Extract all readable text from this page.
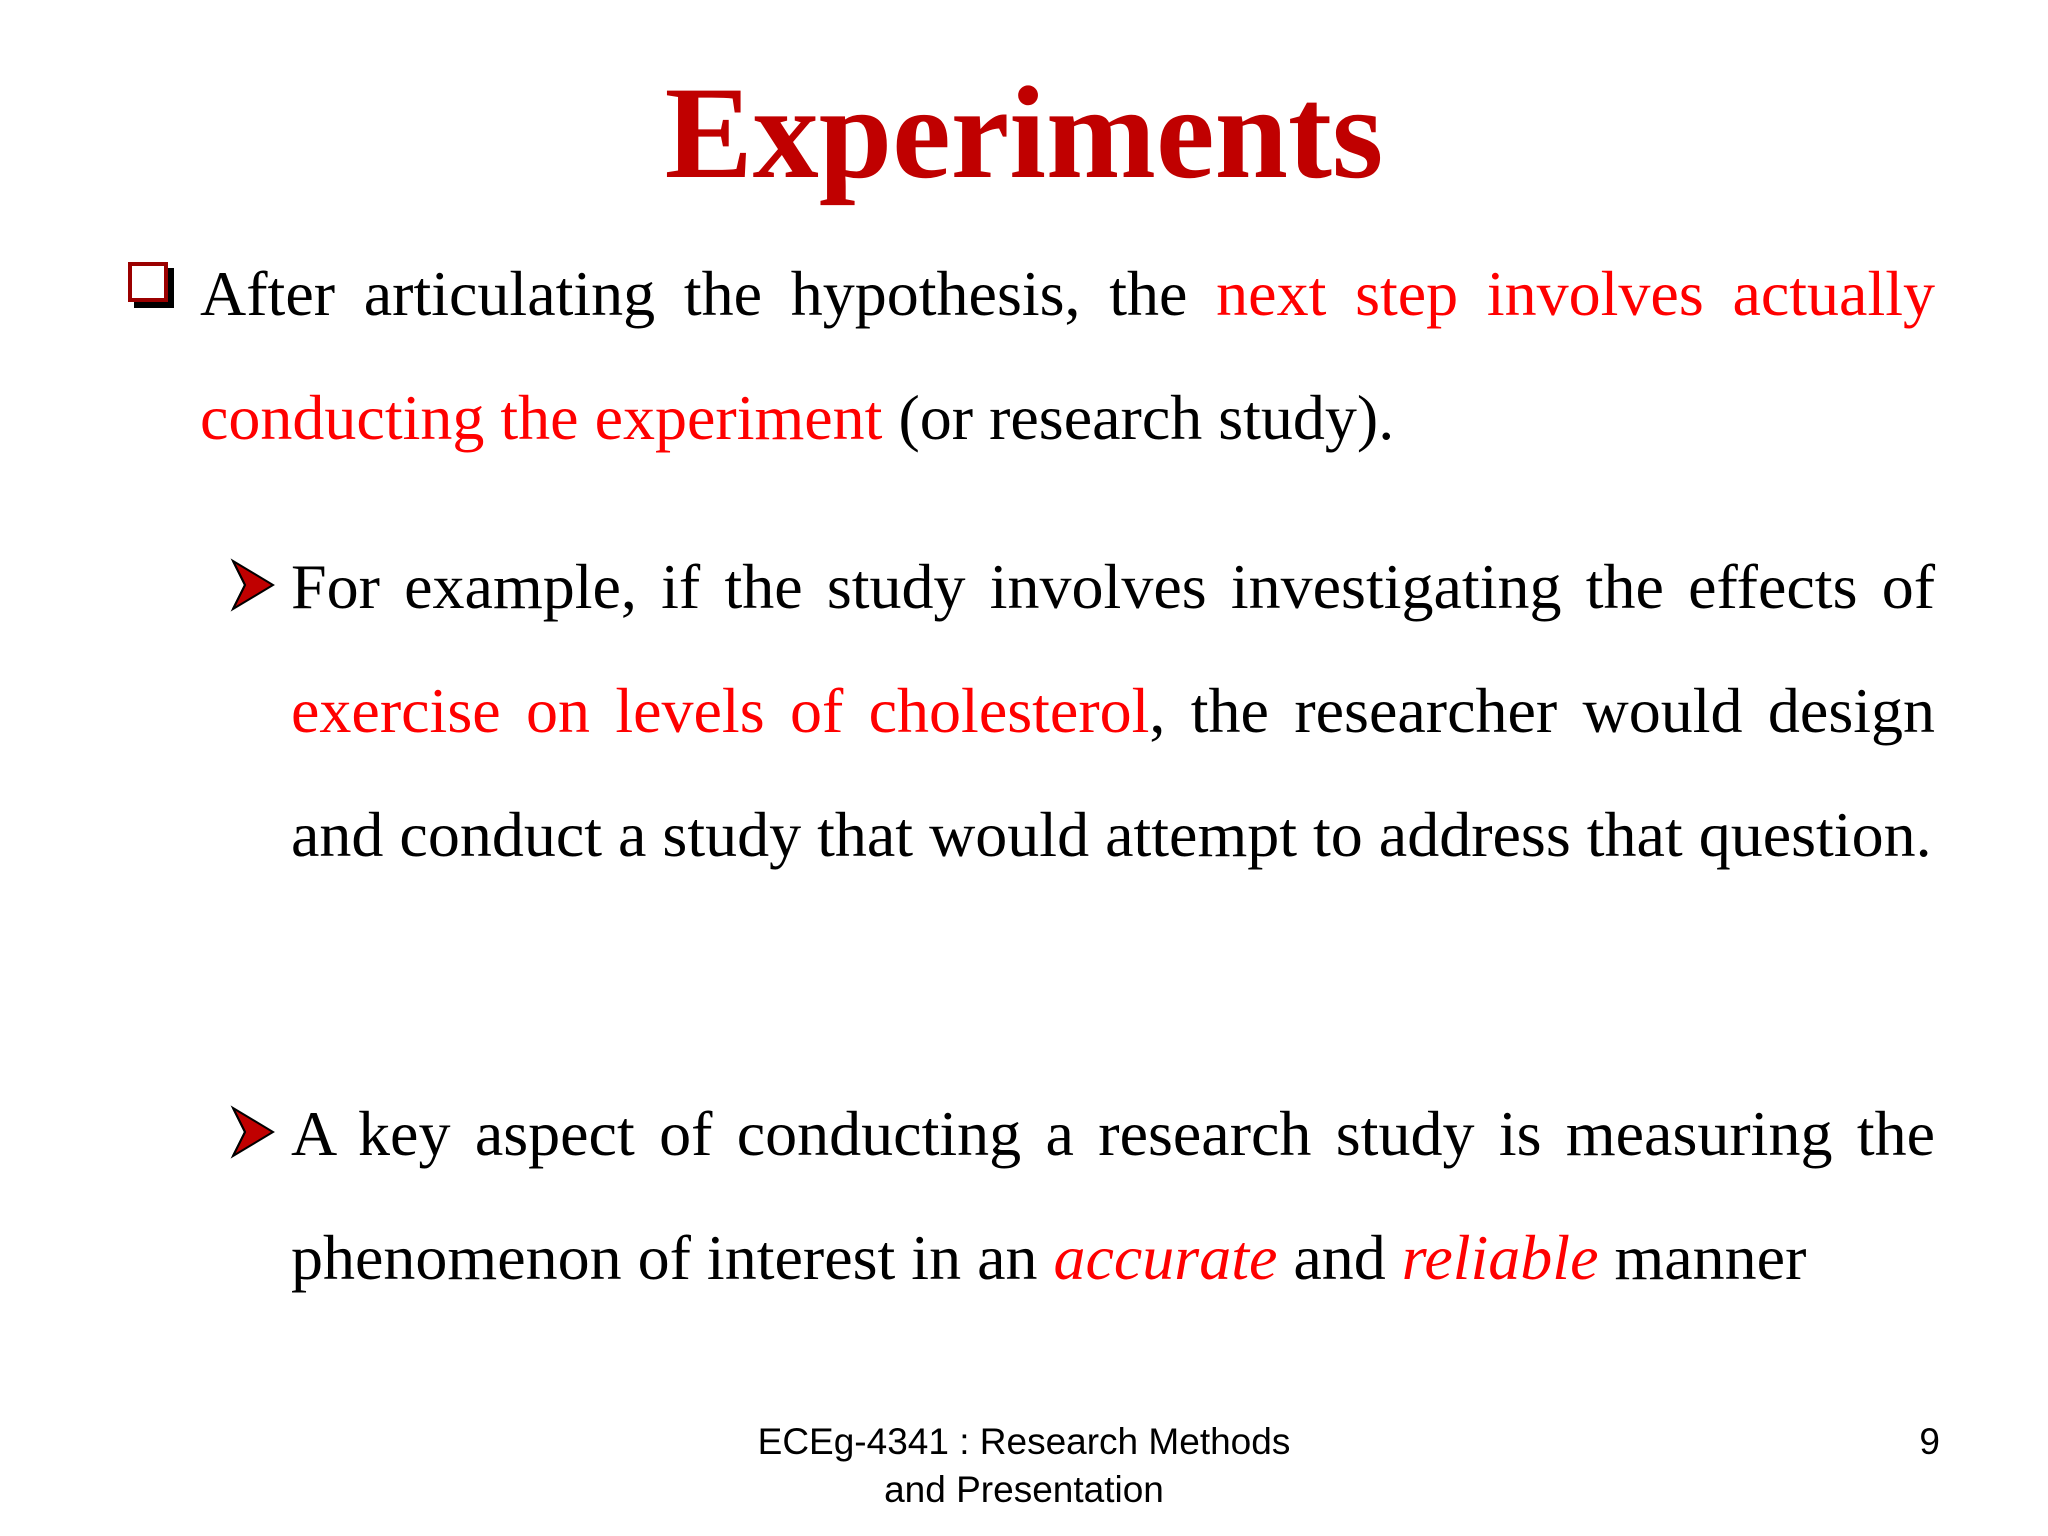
Experiments
After articulating the hypothesis, the next step involves actually conducting the experiment (or research study).
For example, if the study involves investigating the effects of exercise on levels of cholesterol, the researcher would design and conduct a study that would attempt to address that question.
A key aspect of conducting a research study is measuring the phenomenon of interest in an accurate and reliable manner
ECEg-4341 : Research Methods
and Presentation
9
